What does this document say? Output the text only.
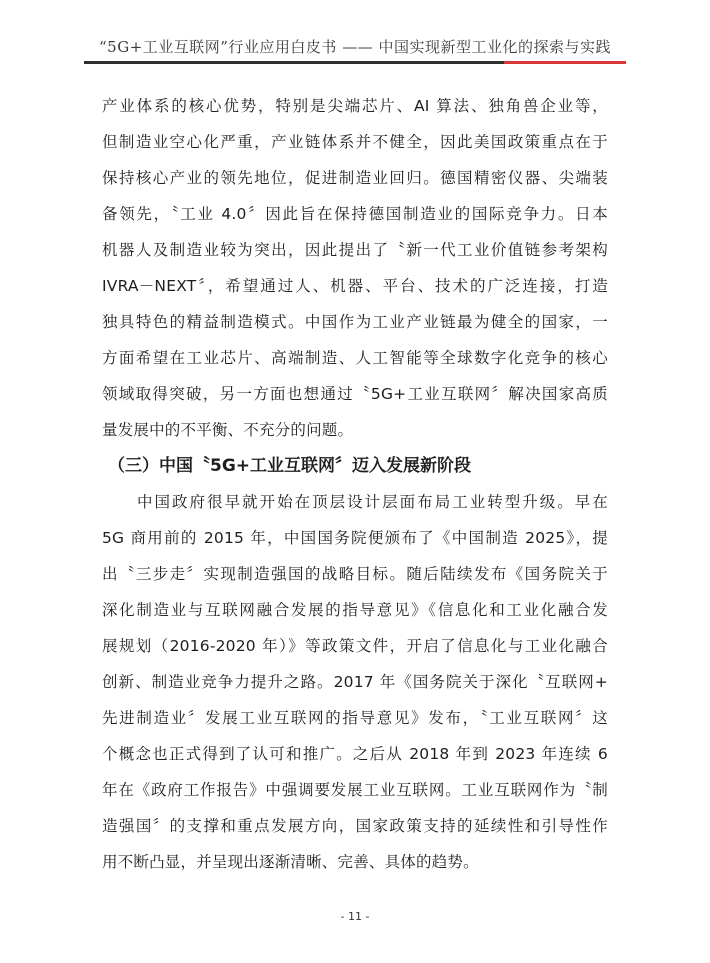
“5G+工业互联网”行业应用白皮书 —— 中国实现新型工业化的探索与实践

产业体系的核心优势，特别是尖端芯片、AI 算法、独角兽企业等，

但制造业空心化严重，产业链体系并不健全，因此美国政策重点在于

保持核心产业的领先地位，促进制造业回归。德国精密仪器、尖端装

备领先，〝工业 4.0〞因此旨在保持德国制造业的国际竞争力。日本

机器人及制造业较为突出，因此提出了〝新一代工业价值链参考架构

IVRA－NEXT〞，希望通过人、机器、平台、技术的广泛连接，打造

独具特色的精益制造模式。中国作为工业产业链最为健全的国家，一

方面希望在工业芯片、高端制造、人工智能等全球数字化竞争的核心

领域取得突破，另一方面也想通过〝5G+工业互联网〞解决国家高质

量发展中的不平衡、不充分的问题。

（三）中国〝5G+工业互联网〞迈入发展新阶段

　　中国政府很早就开始在顶层设计层面布局工业转型升级。早在

5G 商用前的 2015 年，中国国务院便颁布了《中国制造 2025》，提

出〝三步走〞实现制造强国的战略目标。随后陆续发布《国务院关于

深化制造业与互联网融合发展的指导意见》《信息化和工业化融合发

展规划（2016-2020 年）》等政策文件，开启了信息化与工业化融合

创新、制造业竞争力提升之路。2017 年《国务院关于深化〝互联网+

先进制造业〞发展工业互联网的指导意见》发布，〝工业互联网〞这

个概念也正式得到了认可和推广。之后从 2018 年到 2023 年连续 6

年在《政府工作报告》中强调要发展工业互联网。工业互联网作为〝制

造强国〞的支撑和重点发展方向，国家政策支持的延续性和引导性作

用不断凸显，并呈现出逐渐清晰、完善、具体的趋势。

- 11 -
